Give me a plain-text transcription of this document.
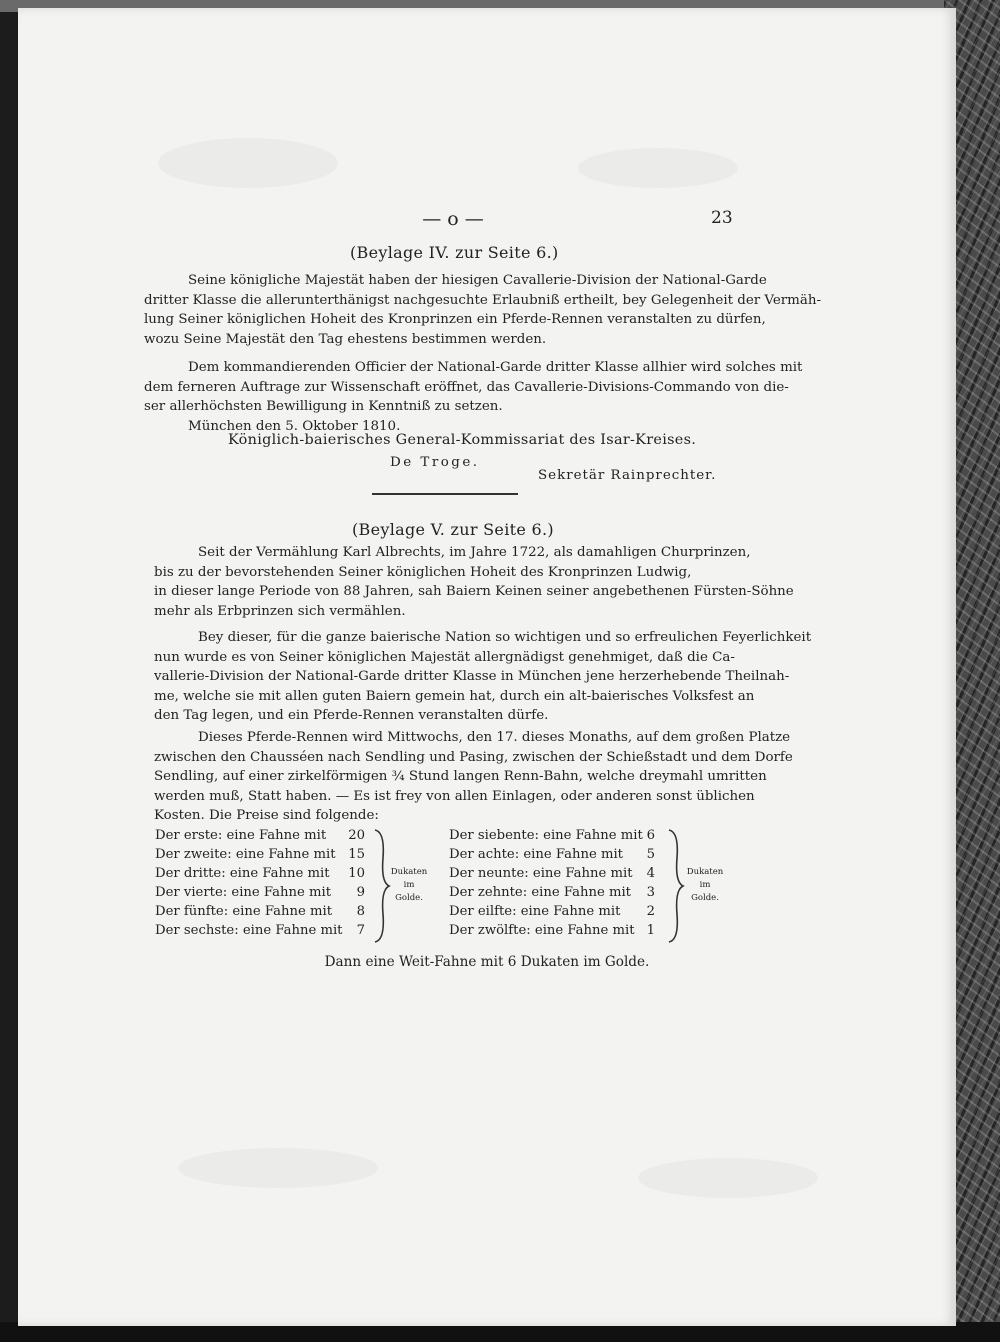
— o —	23
(Beylage IV. zur Seite 6.)
Seine königliche Majestät haben der hiesigen Cavallerie-Division der National-Garde
dritter Klasse die allerunterthänigst nachgesuchte Erlaubniß ertheilt, bey Gelegenheit der Vermäh-
lung Seiner königlichen Hoheit des Kronprinzen ein Pferde-Rennen veranstalten zu dürfen,
wozu Seine Majestät den Tag ehestens bestimmen werden.
Dem kommandierenden Officier der National-Garde dritter Klasse allhier wird solches mit
dem ferneren Auftrage zur Wissenschaft eröffnet, das Cavallerie-Divisions-Commando von die-
ser allerhöchsten Bewilligung in Kenntniß zu setzen.
München den 5. Oktober 1810.
Königlich-baierisches General-Kommissariat des Isar-Kreises.
De Troge.
Sekretär Rainprechter.
(Beylage V. zur Seite 6.)
Seit der Vermählung Karl Albrechts, im Jahre 1722, als damahligen Churprinzen,
bis zu der bevorstehenden Seiner königlichen Hoheit des Kronprinzen Ludwig,
in dieser lange Periode von 88 Jahren, sah Baiern Keinen seiner angebethenen Fürsten-Söhne
mehr als Erbprinzen sich vermählen.
Bey dieser, für die ganze baierische Nation so wichtigen und so erfreulichen Feyerlichkeit
nun wurde es von Seiner königlichen Majestät allergnädigst genehmiget, daß die Ca-
vallerie-Division der National-Garde dritter Klasse in München jene herzerhebende Theilnah-
me, welche sie mit allen guten Baiern gemein hat, durch ein alt-baierisches Volksfest an
den Tag legen, und ein Pferde-Rennen veranstalten dürfe.
Dieses Pferde-Rennen wird Mittwochs, den 17. dieses Monaths, auf dem großen Platze
zwischen den Chausséen nach Sendling und Pasing, zwischen der Schießstadt und dem Dorfe
Sendling, auf einer zirkelförmigen ¾ Stund langen Renn-Bahn, welche dreymahl umritten
werden muß, Statt haben. — Es ist frey von allen Einlagen, oder anderen sonst üblichen
Kosten. Die Preise sind folgende:
Der erste: eine Fahne mit	20
Der zweite: eine Fahne mit 15
Der dritte: eine Fahne mit	10
Der vierte: eine Fahne mit	9
Der fünfte: eine Fahne mit	8
Der sechste: eine Fahne mit	7
Dukaten
im
Golde.
Der siebente: eine Fahne mit 6
Der achte: eine Fahne mit	5
Der neunte: eine Fahne mit	4
Der zehnte: eine Fahne mit	3
Der eilfte: eine Fahne mit	2
Der zwölfte: eine Fahne mit 1
Dukaten
im
Golde.
Dann eine Weit-Fahne mit 6 Dukaten im Golde.
